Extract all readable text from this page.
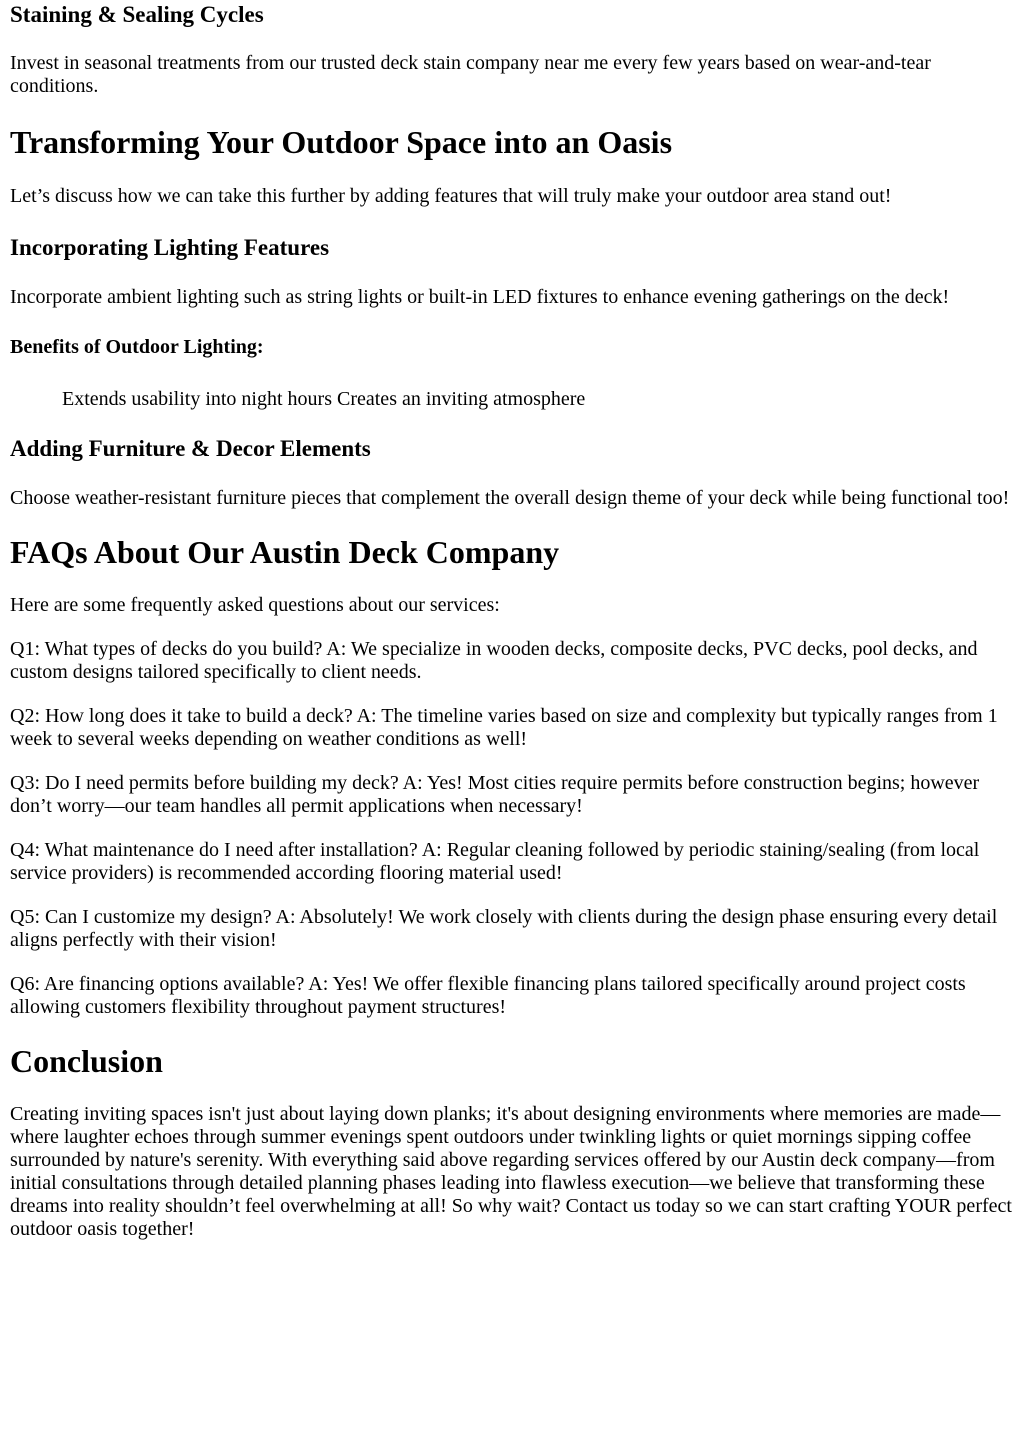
Staining & Sealing Cycles

Invest in seasonal treatments from our trusted deck stain company near me every few years based on wear-and-tear conditions.

Transforming Your Outdoor Space into an Oasis

Let’s discuss how we can take this further by adding features that will truly make your outdoor area stand out!

Incorporating Lighting Features

Incorporate ambient lighting such as string lights or built-in LED fixtures to enhance evening gatherings on the deck!

Benefits of Outdoor Lighting:
Extends usability into night hours Creates an inviting atmosphere
Adding Furniture & Decor Elements

Choose weather-resistant furniture pieces that complement the overall design theme of your deck while being functional too!

FAQs About Our Austin Deck Company

Here are some frequently asked questions about our services:

Q1: What types of decks do you build? A: We specialize in wooden decks, composite decks, PVC decks, pool decks, and custom designs tailored specifically to client needs.

Q2: How long does it take to build a deck? A: The timeline varies based on size and complexity but typically ranges from 1 week to several weeks depending on weather conditions as well!

Q3: Do I need permits before building my deck? A: Yes! Most cities require permits before construction begins; however don’t worry—our team handles all permit applications when necessary!

Q4: What maintenance do I need after installation? A: Regular cleaning followed by periodic staining/sealing (from local service providers) is recommended according flooring material used!

Q5: Can I customize my design? A: Absolutely! We work closely with clients during the design phase ensuring every detail aligns perfectly with their vision!

Q6: Are financing options available? A: Yes! We offer flexible financing plans tailored specifically around project costs allowing customers flexibility throughout payment structures!

Conclusion

Creating inviting spaces isn't just about laying down planks; it's about designing environments where memories are made—where laughter echoes through summer evenings spent outdoors under twinkling lights or quiet mornings sipping coffee surrounded by nature's serenity. With everything said above regarding services offered by our Austin deck company—from initial consultations through detailed planning phases leading into flawless execution—we believe that transforming these dreams into reality shouldn’t feel overwhelming at all! So why wait? Contact us today so we can start crafting YOUR perfect outdoor oasis together!
